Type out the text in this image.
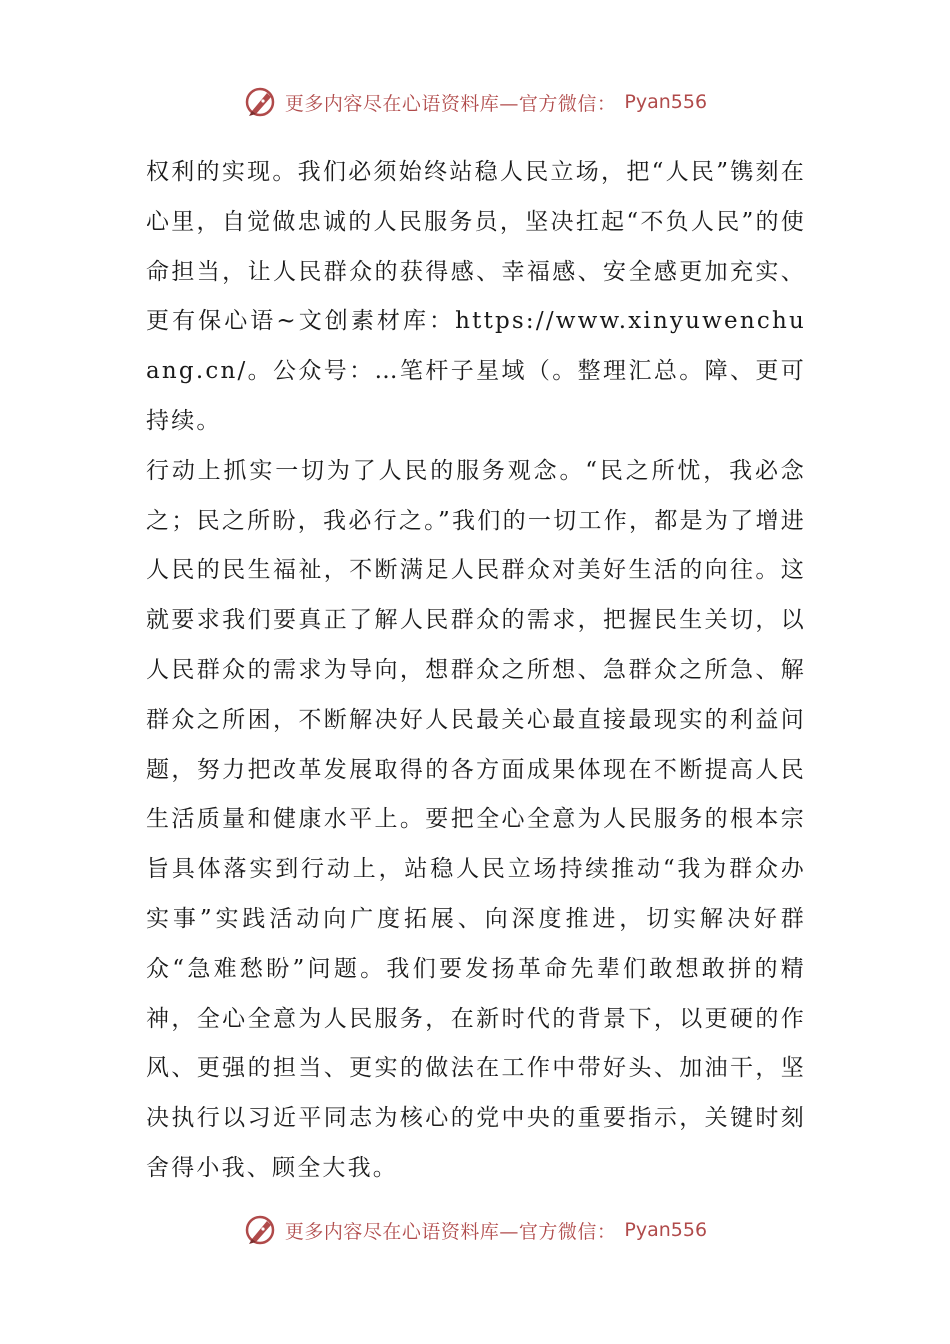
更多内容尽在心语资料库—官方微信： Pyan556

权利的实现。我们必须始终站稳人民立场，把“人民”镌刻在心里，自觉做忠诚的人民服务员，坚决扛起“不负人民”的使命担当，让人民群众的获得感、幸福感、安全感更加充实、更有保心语~文创素材库：https://www.xinyuwenchuang.cn/。公众号：…笔杆子星域（。整理汇总。障、更可持续。

行动上抓实一切为了人民的服务观念。“民之所忧，我必念之；民之所盼，我必行之。”我们的一切工作，都是为了增进人民的民生福祉，不断满足人民群众对美好生活的向往。这就要求我们要真正了解人民群众的需求，把握民生关切，以人民群众的需求为导向，想群众之所想、急群众之所急、解群众之所困，不断解决好人民最关心最直接最现实的利益问题，努力把改革发展取得的各方面成果体现在不断提高人民生活质量和健康水平上。要把全心全意为人民服务的根本宗旨具体落实到行动上，站稳人民立场持续推动“我为群众办实事”实践活动向广度拓展、向深度推进，切实解决好群众“急难愁盼”问题。我们要发扬革命先辈们敢想敢拼的精神，全心全意为人民服务，在新时代的背景下，以更硬的作风、更强的担当、更实的做法在工作中带好头、加油干，坚决执行以习近平同志为核心的党中央的重要指示，关键时刻舍得小我、顾全大我。

更多内容尽在心语资料库—官方微信： Pyan556
